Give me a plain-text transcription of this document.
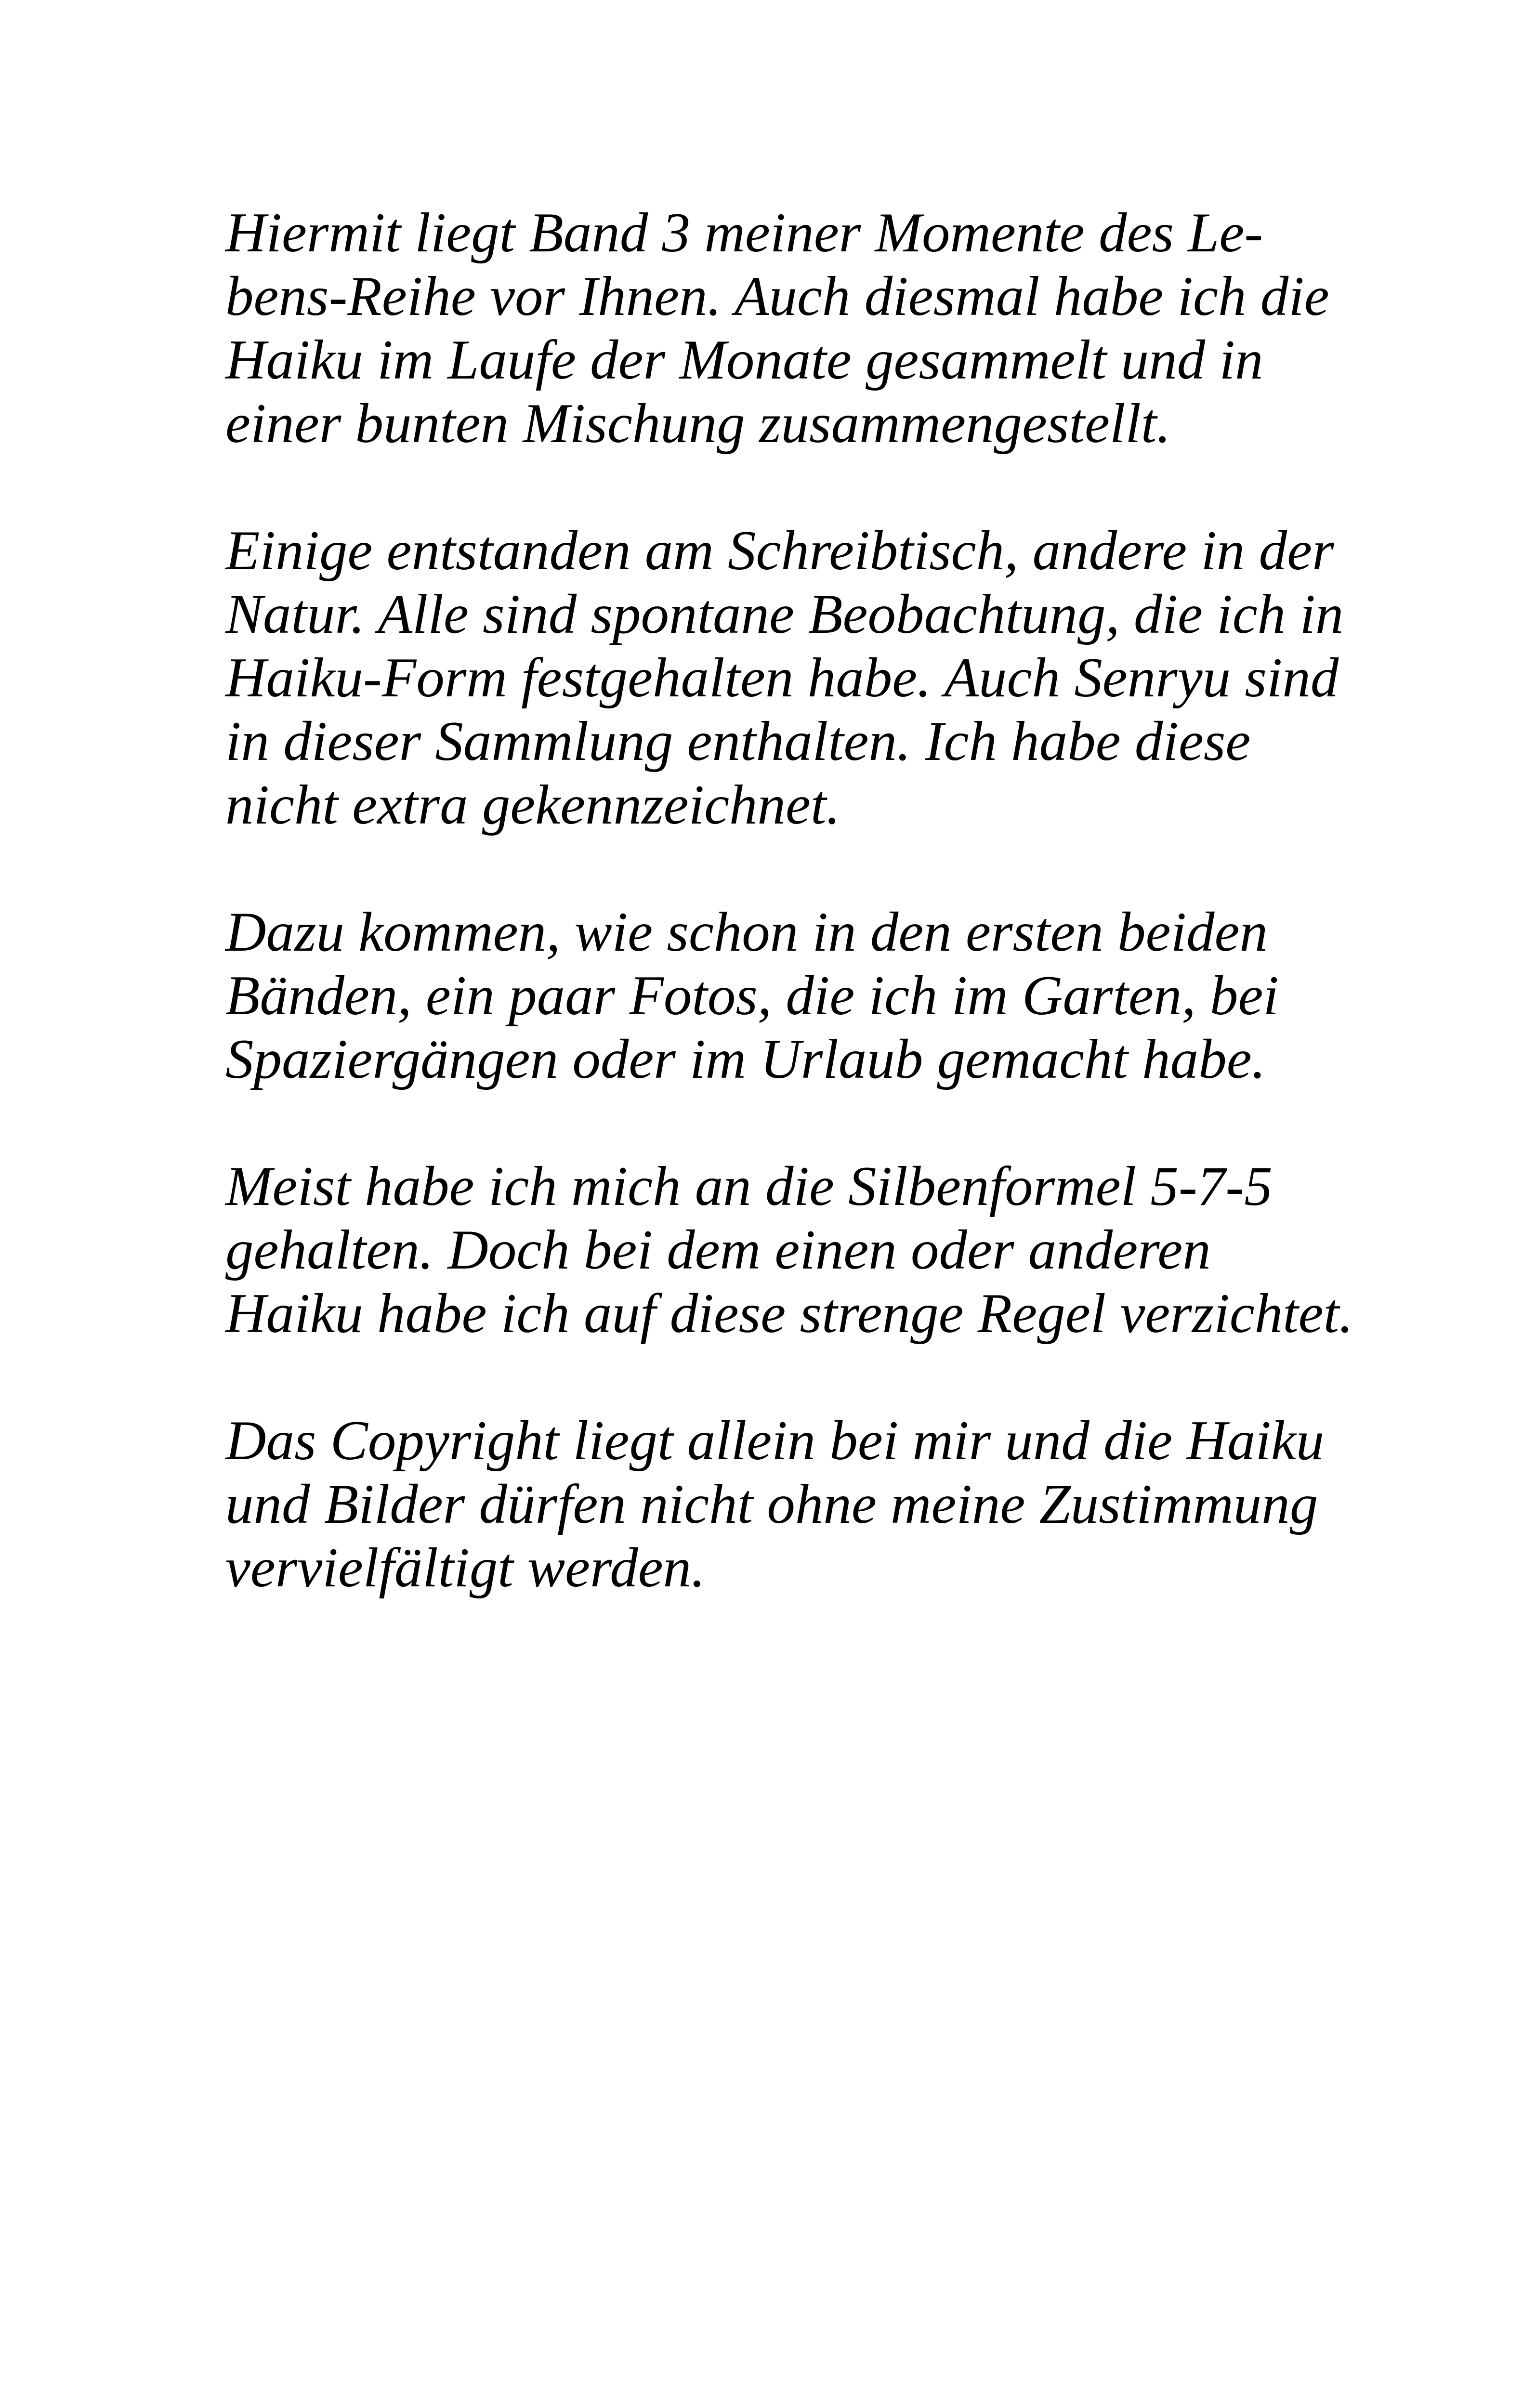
Hiermit liegt Band 3 meiner Momente des Le-
bens-Reihe vor Ihnen. Auch diesmal habe ich die
Haiku im Laufe der Monate gesammelt und in
einer bunten Mischung zusammengestellt.

Einige entstanden am Schreibtisch, andere in der
Natur. Alle sind spontane Beobachtung, die ich in
Haiku-Form festgehalten habe. Auch Senryu sind
in dieser Sammlung enthalten. Ich habe diese
nicht extra gekennzeichnet.

Dazu kommen, wie schon in den ersten beiden
Bänden, ein paar Fotos, die ich im Garten, bei
Spaziergängen oder im Urlaub gemacht habe.

Meist habe ich mich an die Silbenformel 5-7-5
gehalten. Doch bei dem einen oder anderen
Haiku habe ich auf diese strenge Regel verzichtet.

Das Copyright liegt allein bei mir und die Haiku
und Bilder dürfen nicht ohne meine Zustimmung
vervielfältigt werden.
